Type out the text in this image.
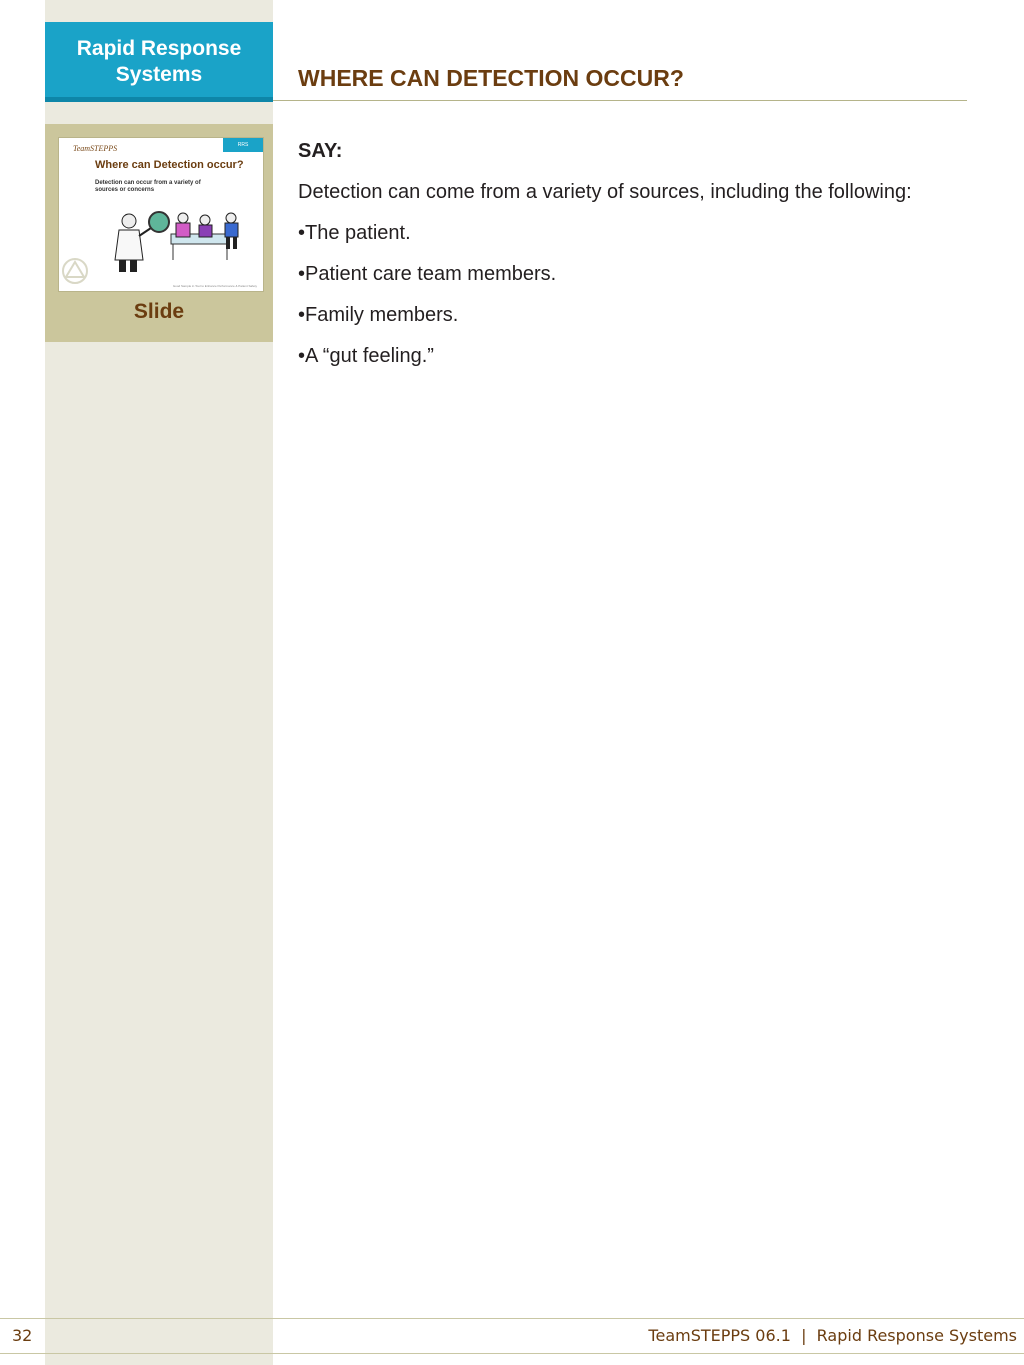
Rapid Response Systems
TeamSTEPPS	RRS
Where can Detection occur?
Detection can occur from a variety of sources or concerns
Good Sample in Tool to Enhance Performance & Patient Safety
Slide
WHERE CAN DETECTION OCCUR?

SAY:

Detection can come from a variety of sources, including the following:

•The patient.

•Patient care team members.

•Family members.

•A “gut feeling.”

32	TeamSTEPPS 06.1  |  Rapid Response Systems
